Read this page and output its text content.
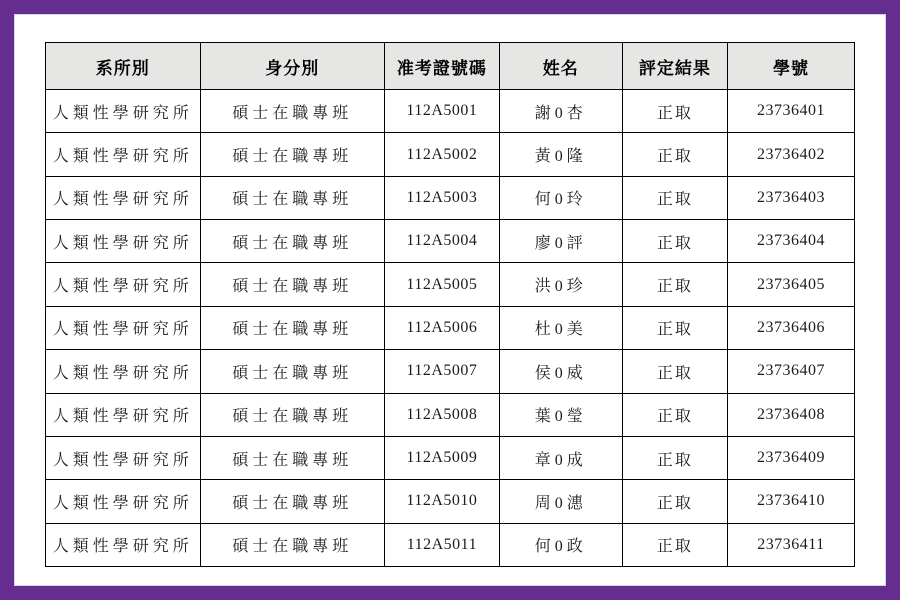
系所別	身分別	准考證號碼	姓名	評定結果	學號
人類性學研究所	碩士在職專班	112A5001	謝0杏	正取	23736401
人類性學研究所	碩士在職專班	112A5002	黃0隆	正取	23736402
人類性學研究所	碩士在職專班	112A5003	何0玲	正取	23736403
人類性學研究所	碩士在職專班	112A5004	廖0評	正取	23736404
人類性學研究所	碩士在職專班	112A5005	洪0珍	正取	23736405
人類性學研究所	碩士在職專班	112A5006	杜0美	正取	23736406
人類性學研究所	碩士在職專班	112A5007	侯0威	正取	23736407
人類性學研究所	碩士在職專班	112A5008	葉0瑩	正取	23736408
人類性學研究所	碩士在職專班	112A5009	章0成	正取	23736409
人類性學研究所	碩士在職專班	112A5010	周0潓	正取	23736410
人類性學研究所	碩士在職專班	112A5011	何0政	正取	23736411
